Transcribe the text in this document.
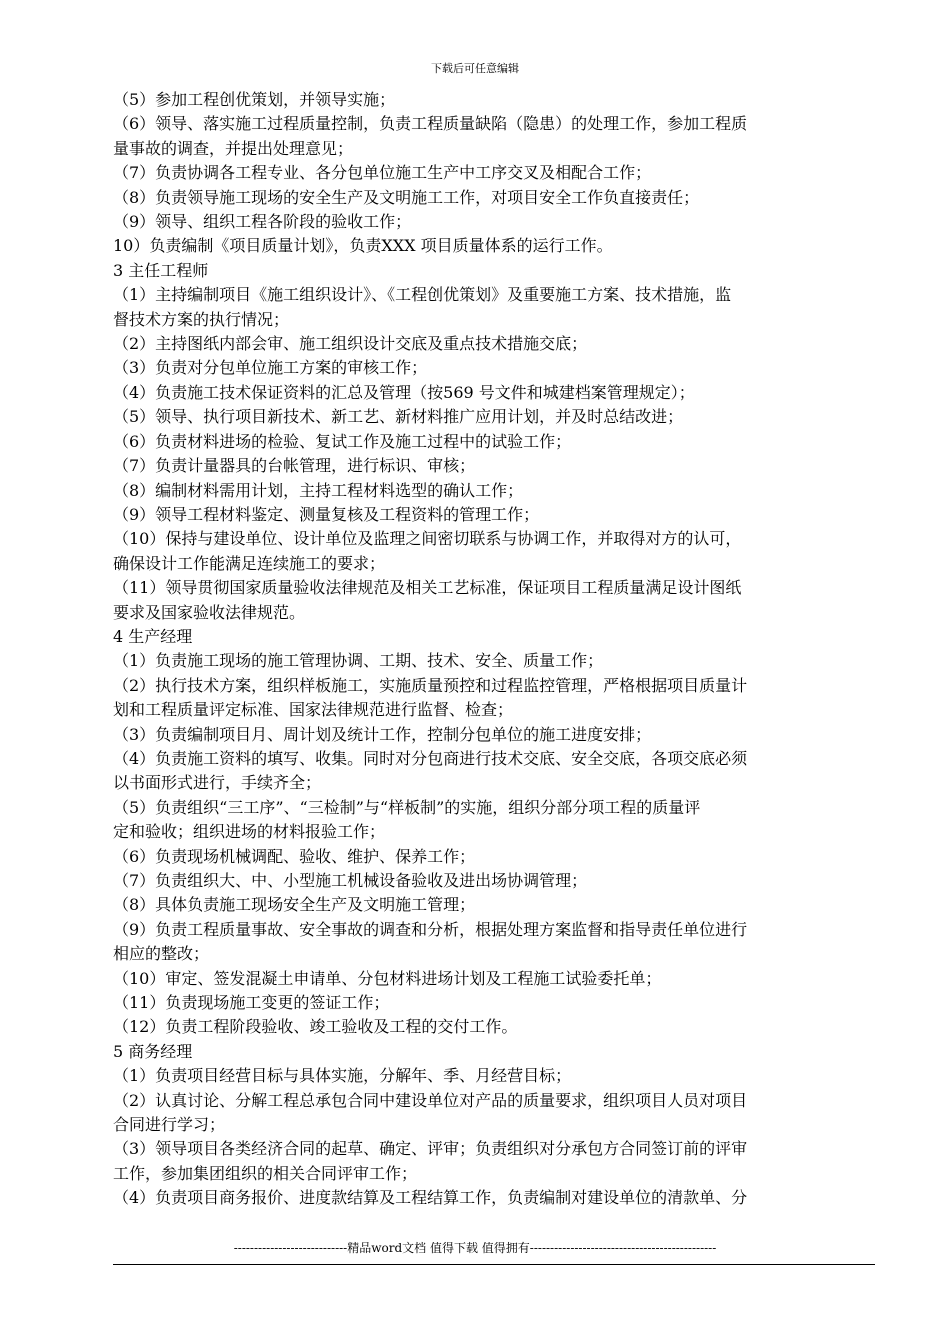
下载后可任意编辑
（5）参加工程创优策划，并领导实施；
（6）领导、落实施工过程质量控制，负责工程质量缺陷（隐患）的处理工作，参加工程质
量事故的调查，并提出处理意见；
（7）负责协调各工程专业、各分包单位施工生产中工序交叉及相配合工作；
（8）负责领导施工现场的安全生产及文明施工工作，对项目安全工作负直接责任；
（9）领导、组织工程各阶段的验收工作；
10）负责编制《项目质量计划》，负责XXX 项目质量体系的运行工作。
3 主任工程师
（1）主持编制项目《施工组织设计》、《工程创优策划》及重要施工方案、技术措施，监
督技术方案的执行情况；
（2）主持图纸内部会审、施工组织设计交底及重点技术措施交底；
（3）负责对分包单位施工方案的审核工作；
（4）负责施工技术保证资料的汇总及管理（按569 号文件和城建档案管理规定）；
（5）领导、执行项目新技术、新工艺、新材料推广应用计划，并及时总结改进；
（6）负责材料进场的检验、复试工作及施工过程中的试验工作；
（7）负责计量器具的台帐管理，进行标识、审核；
（8）编制材料需用计划，主持工程材料选型的确认工作；
（9）领导工程材料鉴定、测量复核及工程资料的管理工作；
（10）保持与建设单位、设计单位及监理之间密切联系与协调工作，并取得对方的认可，
确保设计工作能满足连续施工的要求；
（11）领导贯彻国家质量验收法律规范及相关工艺标准，保证项目工程质量满足设计图纸
要求及国家验收法律规范。
4 生产经理
（1）负责施工现场的施工管理协调、工期、技术、安全、质量工作；
（2）执行技术方案，组织样板施工，实施质量预控和过程监控管理，严格根据项目质量计
划和工程质量评定标准、国家法律规范进行监督、检查；
（3）负责编制项目月、周计划及统计工作，控制分包单位的施工进度安排；
（4）负责施工资料的填写、收集。同时对分包商进行技术交底、安全交底，各项交底必须
以书面形式进行，手续齐全；
（5）负责组织“三工序”、“三检制”与“样板制”的实施，组织分部分项工程的质量评
定和验收；组织进场的材料报验工作；
（6）负责现场机械调配、验收、维护、保养工作；
（7）负责组织大、中、小型施工机械设备验收及进出场协调管理；
（8）具体负责施工现场安全生产及文明施工管理；
（9）负责工程质量事故、安全事故的调查和分析，根据处理方案监督和指导责任单位进行
相应的整改；
（10）审定、签发混凝土申请单、分包材料进场计划及工程施工试验委托单；
（11）负责现场施工变更的签证工作；
（12）负责工程阶段验收、竣工验收及工程的交付工作。
5 商务经理
（1）负责项目经营目标与具体实施，分解年、季、月经营目标；
（2）认真讨论、分解工程总承包合同中建设单位对产品的质量要求，组织项目人员对项目
合同进行学习；
（3）领导项目各类经济合同的起草、确定、评审；负责组织对分承包方合同签订前的评审
工作，参加集团组织的相关合同评审工作；
（4）负责项目商务报价、进度款结算及工程结算工作，负责编制对建设单位的清款单、分
----------------------------精品word文档 值得下载 值得拥有----------------------------------------------
